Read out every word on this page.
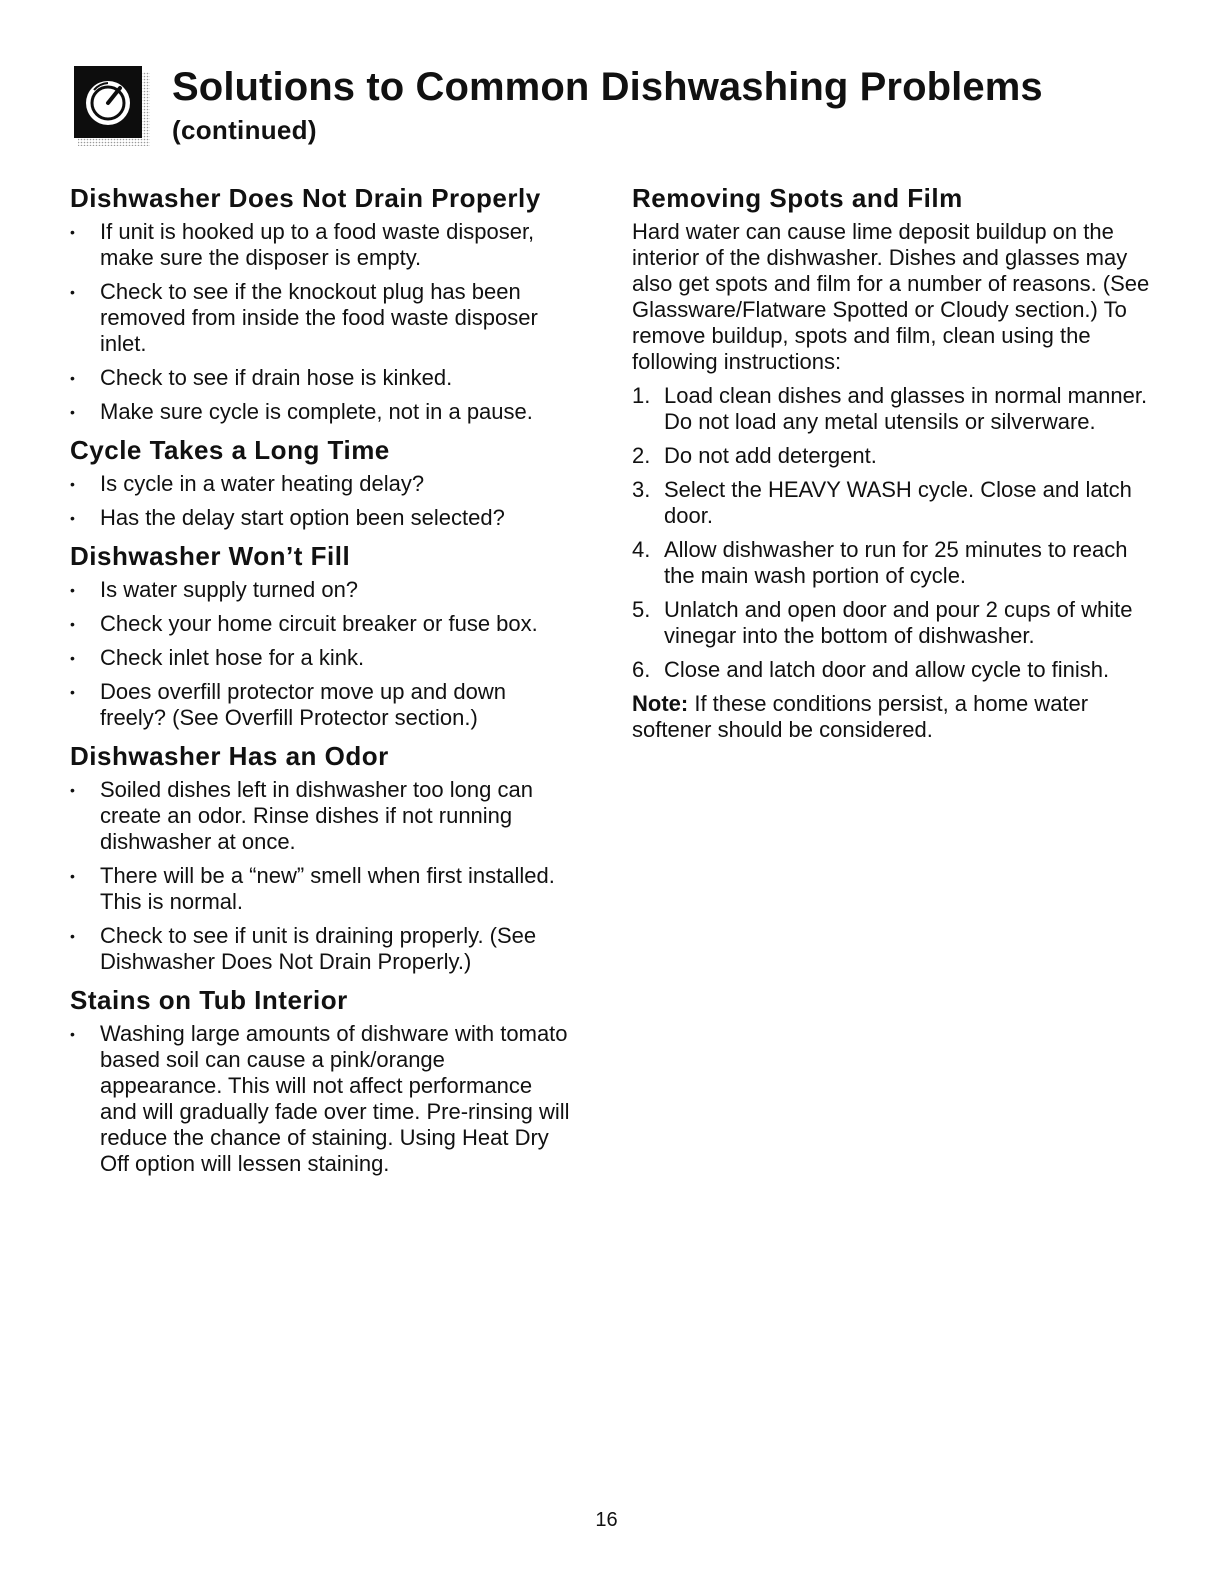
Solutions to Common Dishwashing Problems
(continued)
Dishwasher Does Not Drain Properly
• If unit is hooked up to a food waste disposer, make sure the disposer is empty.
• Check to see if the knockout plug has been removed from inside the food waste disposer inlet.
• Check to see if drain hose is kinked.
• Make sure cycle is complete, not in a pause.
Cycle Takes a Long Time
• Is cycle in a water heating delay?
• Has the delay start option been selected?
Dishwasher Won’t Fill
• Is water supply turned on?
• Check your home circuit breaker or fuse box.
• Check inlet hose for a kink.
• Does overfill protector move up and down freely? (See Overfill Protector section.)
Dishwasher Has an Odor
• Soiled dishes left in dishwasher too long can create an odor. Rinse dishes if not running dishwasher at once.
• There will be a “new” smell when first installed. This is normal.
• Check to see if unit is draining properly. (See Dishwasher Does Not Drain Properly.)
Stains on Tub Interior
• Washing large amounts of dishware with tomato based soil can cause a pink/orange appearance. This will not affect performance and will gradually fade over time. Pre-rinsing will reduce the chance of staining. Using Heat Dry Off option will lessen staining.
Removing Spots and Film

Hard water can cause lime deposit buildup on the interior of the dishwasher. Dishes and glasses may also get spots and film for a number of reasons. (See Glassware/Flatware Spotted or Cloudy section.) To remove buildup, spots and film, clean using the following instructions:

1. Load clean dishes and glasses in normal manner. Do not load any metal utensils or silverware.
2. Do not add detergent.
3. Select the HEAVY WASH cycle. Close and latch door.
4. Allow dishwasher to run for 25 minutes to reach the main wash portion of cycle.
5. Unlatch and open door and pour 2 cups of white vinegar into the bottom of dishwasher.
6. Close and latch door and allow cycle to finish.

Note: If these conditions persist, a home water softener should be considered.

16
